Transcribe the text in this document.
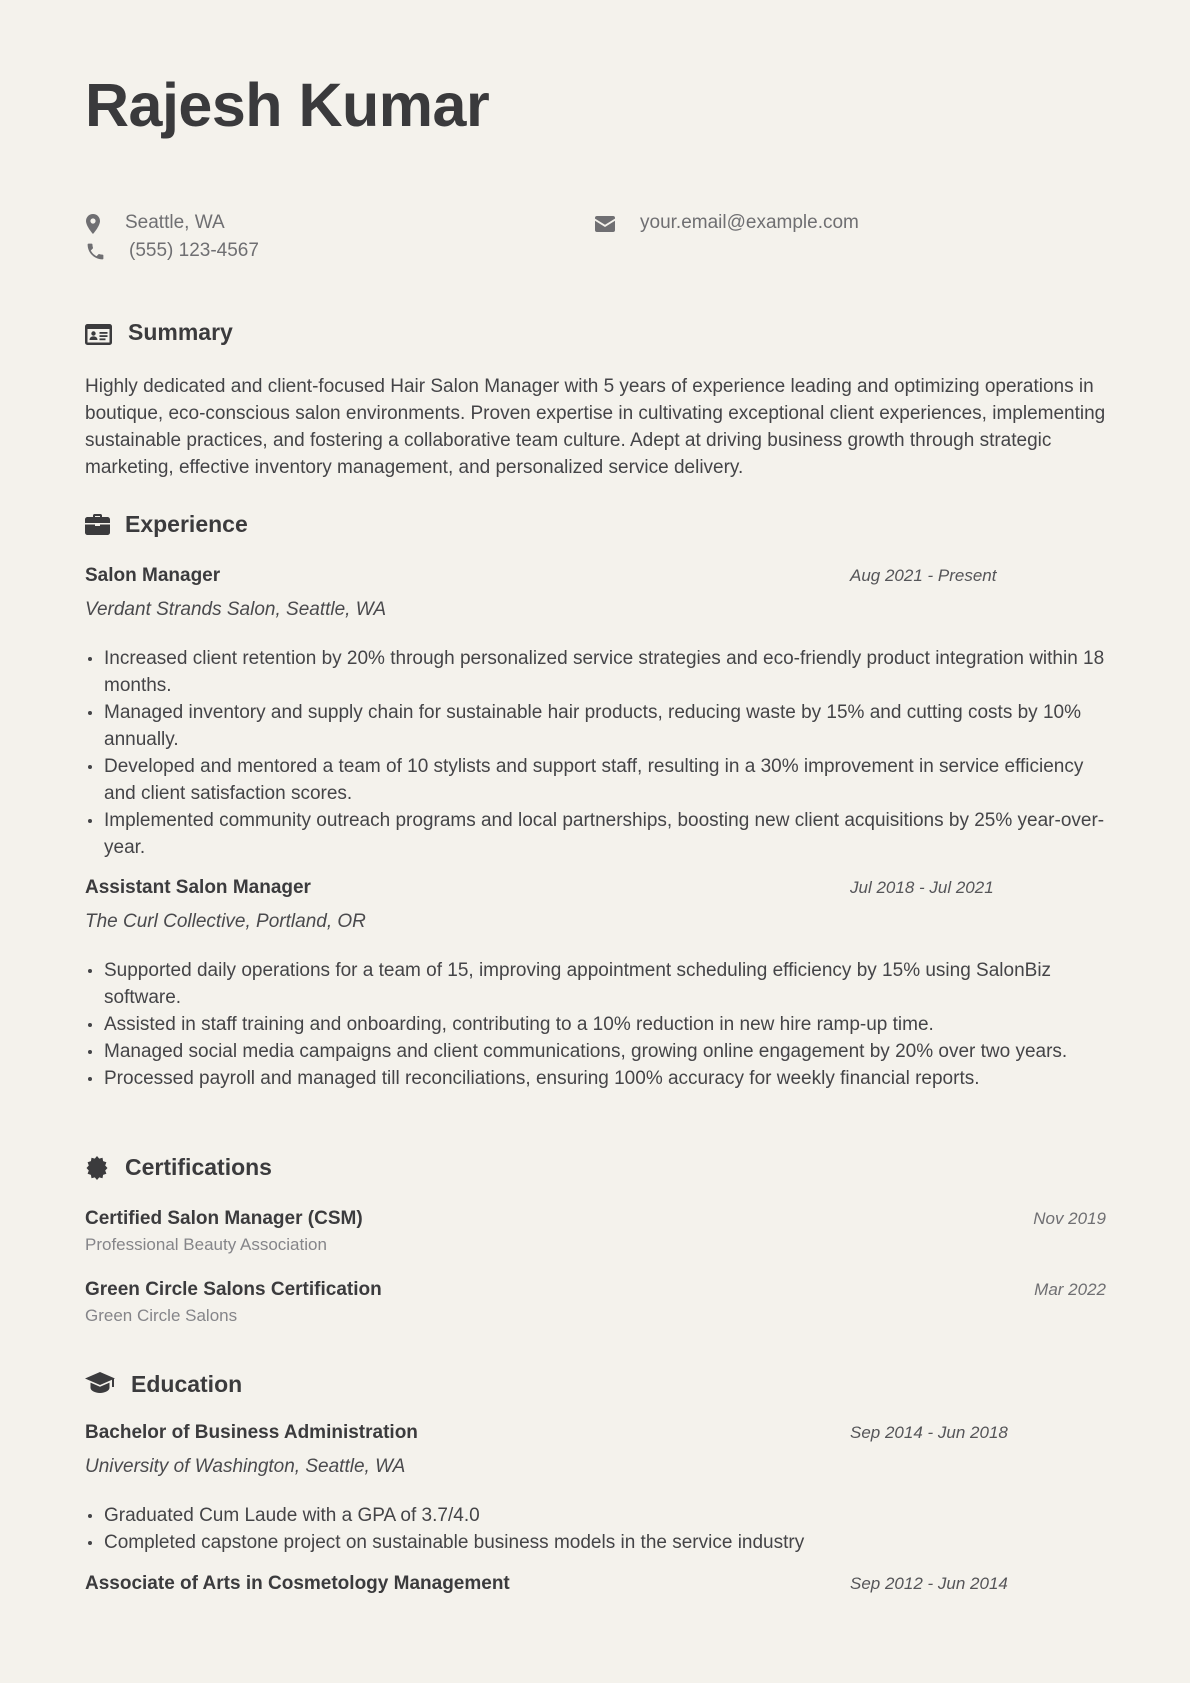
Rajesh Kumar
Seattle, WA
(555) 123-4567
your.email@example.com
Summary

Highly dedicated and client-focused Hair Salon Manager with 5 years of experience leading and optimizing operations in boutique, eco-conscious salon environments. Proven expertise in cultivating exceptional client experiences, implementing sustainable practices, and fostering a collaborative team culture. Adept at driving business growth through strategic marketing, effective inventory management, and personalized service delivery.

Experience
Salon Manager	Aug 2021 - Present
Verdant Strands Salon, Seattle, WA
Increased client retention by 20% through personalized service strategies and eco-friendly product integration within 18 months.
Managed inventory and supply chain for sustainable hair products, reducing waste by 15% and cutting costs by 10% annually.
Developed and mentored a team of 10 stylists and support staff, resulting in a 30% improvement in service efficiency and client satisfaction scores.
Implemented community outreach programs and local partnerships, boosting new client acquisitions by 25% year-over-year.
Assistant Salon Manager	Jul 2018 - Jul 2021
The Curl Collective, Portland, OR
Supported daily operations for a team of 15, improving appointment scheduling efficiency by 15% using SalonBiz software.
Assisted in staff training and onboarding, contributing to a 10% reduction in new hire ramp-up time.
Managed social media campaigns and client communications, growing online engagement by 20% over two years.
Processed payroll and managed till reconciliations, ensuring 100% accuracy for weekly financial reports.
Certifications
Certified Salon Manager (CSM)	Nov 2019
Professional Beauty Association
Green Circle Salons Certification	Mar 2022
Green Circle Salons
Education
Bachelor of Business Administration	Sep 2014 - Jun 2018
University of Washington, Seattle, WA
Graduated Cum Laude with a GPA of 3.7/4.0
Completed capstone project on sustainable business models in the service industry
Associate of Arts in Cosmetology Management	Sep 2012 - Jun 2014
